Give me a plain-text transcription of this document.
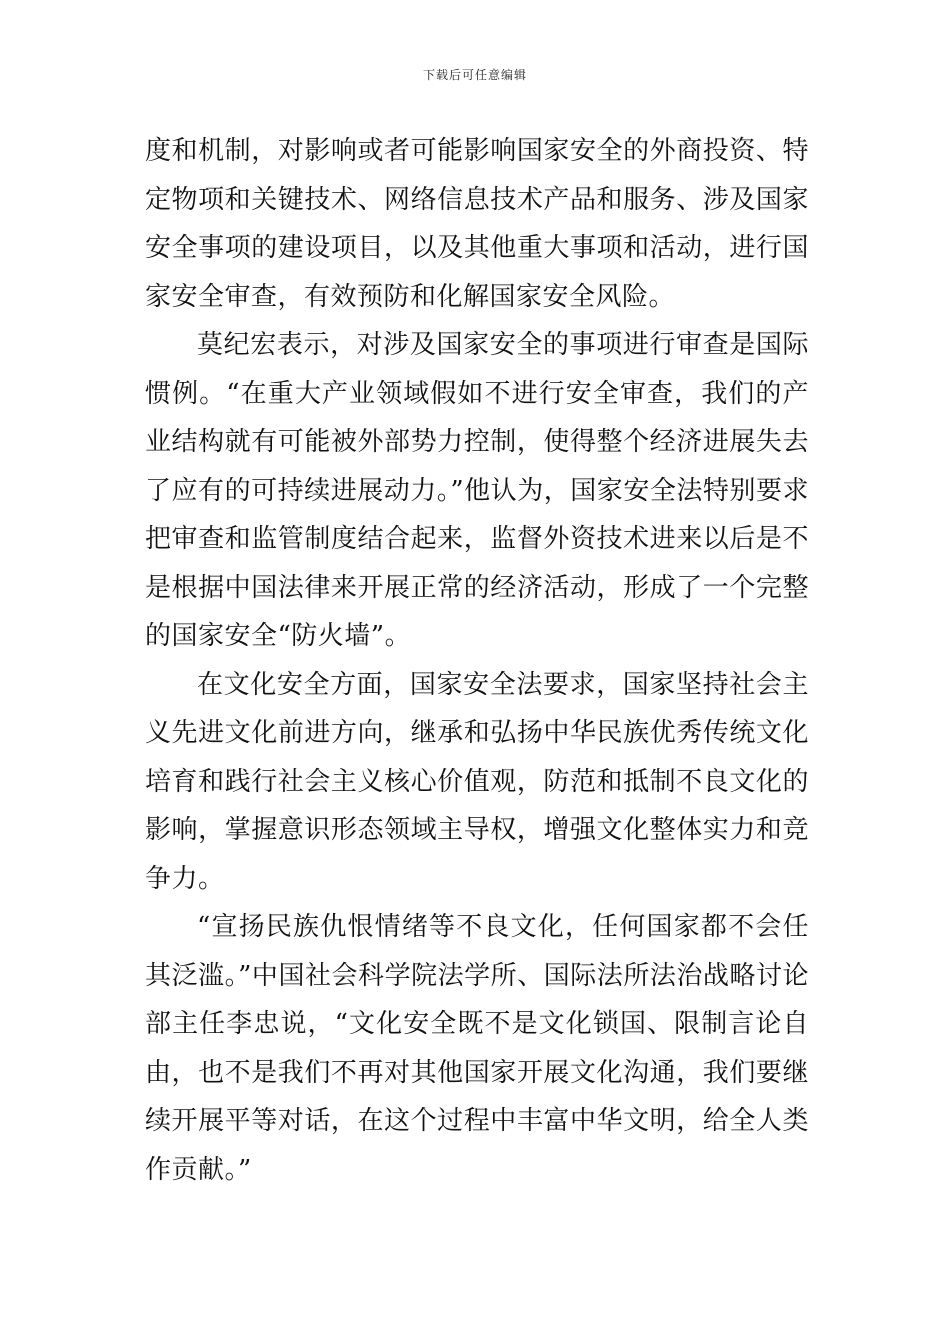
下载后可任意编辑

度和机制，对影响或者可能影响国家安全的外商投资、特定物项和关键技术、网络信息技术产品和服务、涉及国家安全事项的建设项目，以及其他重大事项和活动，进行国家安全审查，有效预防和化解国家安全风险。

莫纪宏表示，对涉及国家安全的事项进行审查是国际惯例。“在重大产业领域假如不进行安全审查，我们的产业结构就有可能被外部势力控制，使得整个经济进展失去了应有的可持续进展动力。”他认为，国家安全法特别要求把审查和监管制度结合起来，监督外资技术进来以后是不是根据中国法律来开展正常的经济活动，形成了一个完整的国家安全“防火墙”。

在文化安全方面，国家安全法要求，国家坚持社会主义先进文化前进方向，继承和弘扬中华民族优秀传统文化培育和践行社会主义核心价值观，防范和抵制不良文化的影响，掌握意识形态领域主导权，增强文化整体实力和竞争力。

“宣扬民族仇恨情绪等不良文化，任何国家都不会任其泛滥。”中国社会科学院法学所、国际法所法治战略讨论部主任李忠说，“文化安全既不是文化锁国、限制言论自由，也不是我们不再对其他国家开展文化沟通，我们要继续开展平等对话，在这个过程中丰富中华文明，给全人类作贡献。”
